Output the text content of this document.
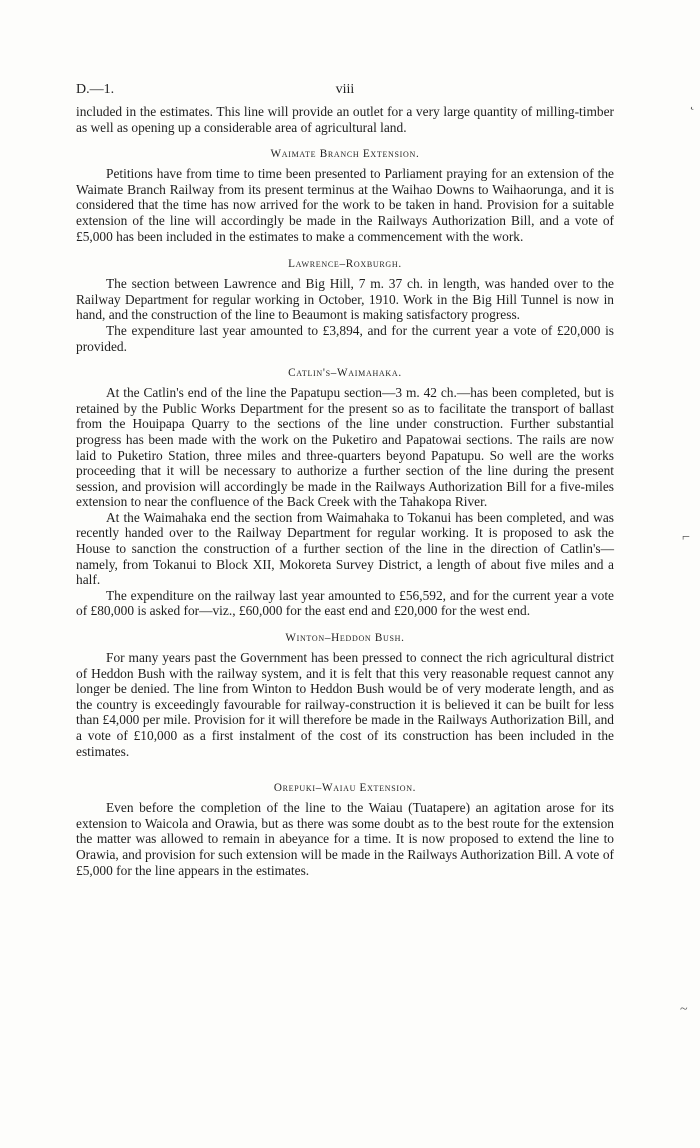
D.—1.	viii

included in the estimates. This line will provide an outlet for a very large quantity of milling-timber as well as opening up a considerable area of agricultural land.

Waimate Branch Extension.

Petitions have from time to time been presented to Parliament praying for an extension of the Waimate Branch Railway from its present terminus at the Waihao Downs to Waihaorunga, and it is considered that the time has now arrived for the work to be taken in hand. Provision for a suitable extension of the line will accordingly be made in the Railways Authorization Bill, and a vote of £5,000 has been included in the estimates to make a commencement with the work.

Lawrence–Roxburgh.

The section between Lawrence and Big Hill, 7 m. 37 ch. in length, was handed over to the Railway Department for regular working in October, 1910. Work in the Big Hill Tunnel is now in hand, and the construction of the line to Beaumont is making satisfactory progress.

The expenditure last year amounted to £3,894, and for the current year a vote of £20,000 is provided.

Catlin's–Waimahaka.

At the Catlin's end of the line the Papatupu section—3 m. 42 ch.—has been completed, but is retained by the Public Works Department for the present so as to facilitate the transport of ballast from the Houipapa Quarry to the sections of the line under construction. Further substantial progress has been made with the work on the Puketiro and Papatowai sections. The rails are now laid to Puketiro Station, three miles and three-quarters beyond Papatupu. So well are the works proceeding that it will be necessary to authorize a further section of the line during the present session, and provision will accordingly be made in the Railways Authorization Bill for a five-miles extension to near the confluence of the Back Creek with the Tahakopa River.

At the Waimahaka end the section from Waimahaka to Tokanui has been completed, and was recently handed over to the Railway Department for regular working. It is proposed to ask the House to sanction the construction of a further section of the line in the direction of Catlin's—namely, from Tokanui to Block XII, Mokoreta Survey District, a length of about five miles and a half.

The expenditure on the railway last year amounted to £56,592, and for the current year a vote of £80,000 is asked for—viz., £60,000 for the east end and £20,000 for the west end.

Winton–Heddon Bush.

For many years past the Government has been pressed to connect the rich agricultural district of Heddon Bush with the railway system, and it is felt that this very reasonable request cannot any longer be denied. The line from Winton to Heddon Bush would be of very moderate length, and as the country is exceedingly favourable for railway-construction it is believed it can be built for less than £4,000 per mile. Provision for it will therefore be made in the Railways Authorization Bill, and a vote of £10,000 as a first instalment of the cost of its construction has been included in the estimates.

Orepuki–Waiau Extension.

Even before the completion of the line to the Waiau (Tuatapere) an agitation arose for its extension to Waicola and Orawia, but as there was some doubt as to the best route for the extension the matter was allowed to remain in abeyance for a time. It is now proposed to extend the line to Orawia, and provision for such extension will be made in the Railways Authorization Bill. A vote of £5,000 for the line appears in the estimates.

˛
⌐
~
